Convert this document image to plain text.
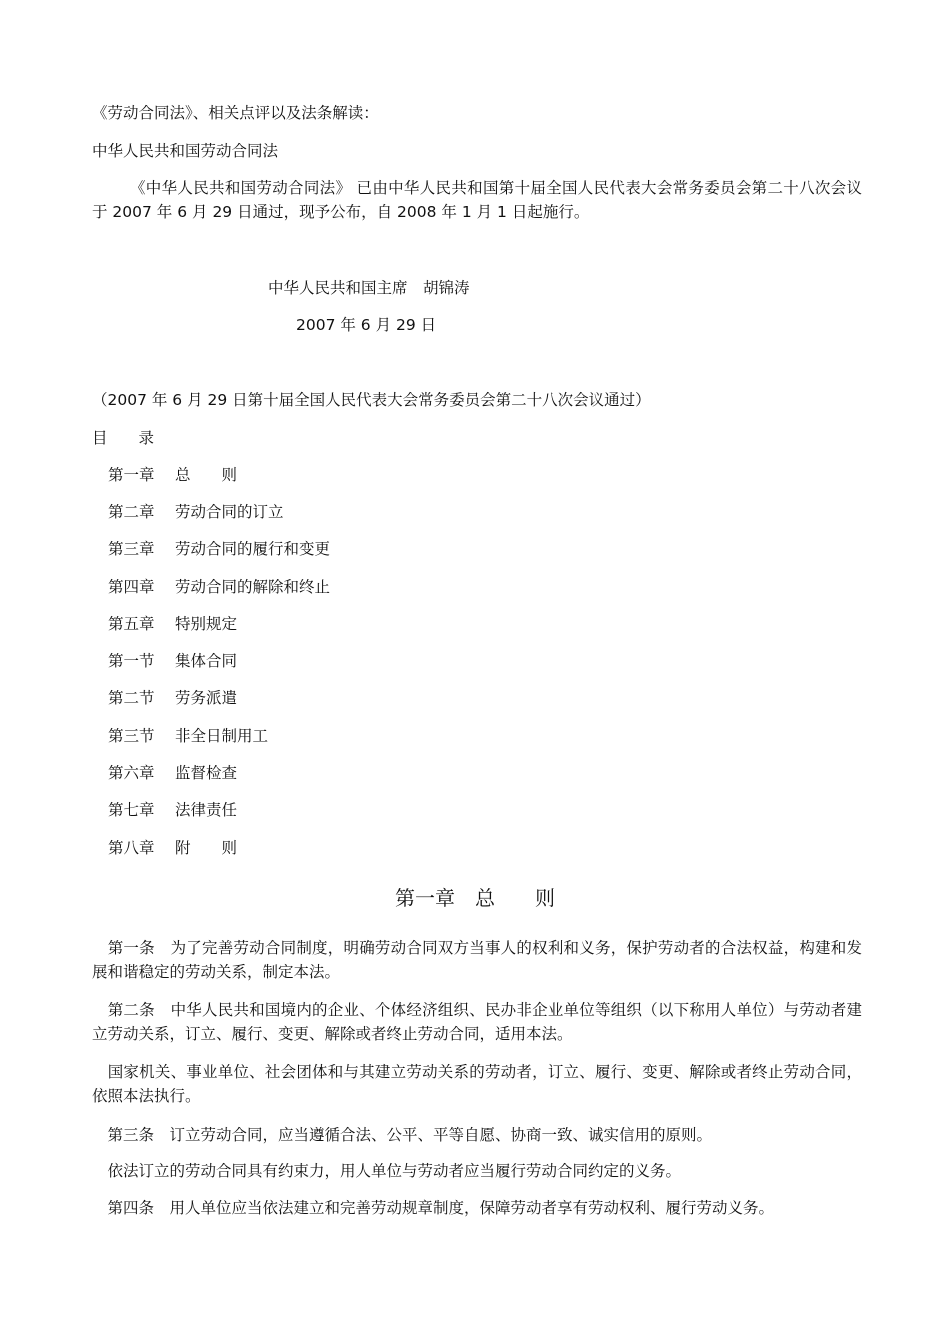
《劳动合同法》、相关点评以及法条解读：
中华人民共和国劳动合同法
《中华人民共和国劳动合同法》 已由中华人民共和国第十届全国人民代表大会常务委员会第二十八次会议于 2007 年 6 月 29 日通过，现予公布，自 2008 年 1 月 1 日起施行。
中华人民共和国主席　胡锦涛
2007 年 6 月 29 日
（2007 年 6 月 29 日第十届全国人民代表大会常务委员会第二十八次会议通过）
目　　录
第一章 总　　则
第二章 劳动合同的订立
第三章 劳动合同的履行和变更
第四章 劳动合同的解除和终止
第五章 特别规定
第一节 集体合同
第二节 劳务派遣
第三节 非全日制用工
第六章 监督检查
第七章 法律责任
第八章 附　　则
第一章　总　　则
　第一条　为了完善劳动合同制度，明确劳动合同双方当事人的权利和义务，保护劳动者的合法权益，构建和发展和谐稳定的劳动关系，制定本法。
　第二条　中华人民共和国境内的企业、个体经济组织、民办非企业单位等组织（以下称用人单位）与劳动者建立劳动关系，订立、履行、变更、解除或者终止劳动合同，适用本法。
　国家机关、事业单位、社会团体和与其建立劳动关系的劳动者，订立、履行、变更、解除或者终止劳动合同，依照本法执行。
　第三条　订立劳动合同，应当遵循合法、公平、平等自愿、协商一致、诚实信用的原则。
　依法订立的劳动合同具有约束力，用人单位与劳动者应当履行劳动合同约定的义务。
　第四条　用人单位应当依法建立和完善劳动规章制度，保障劳动者享有劳动权利、履行劳动义务。
